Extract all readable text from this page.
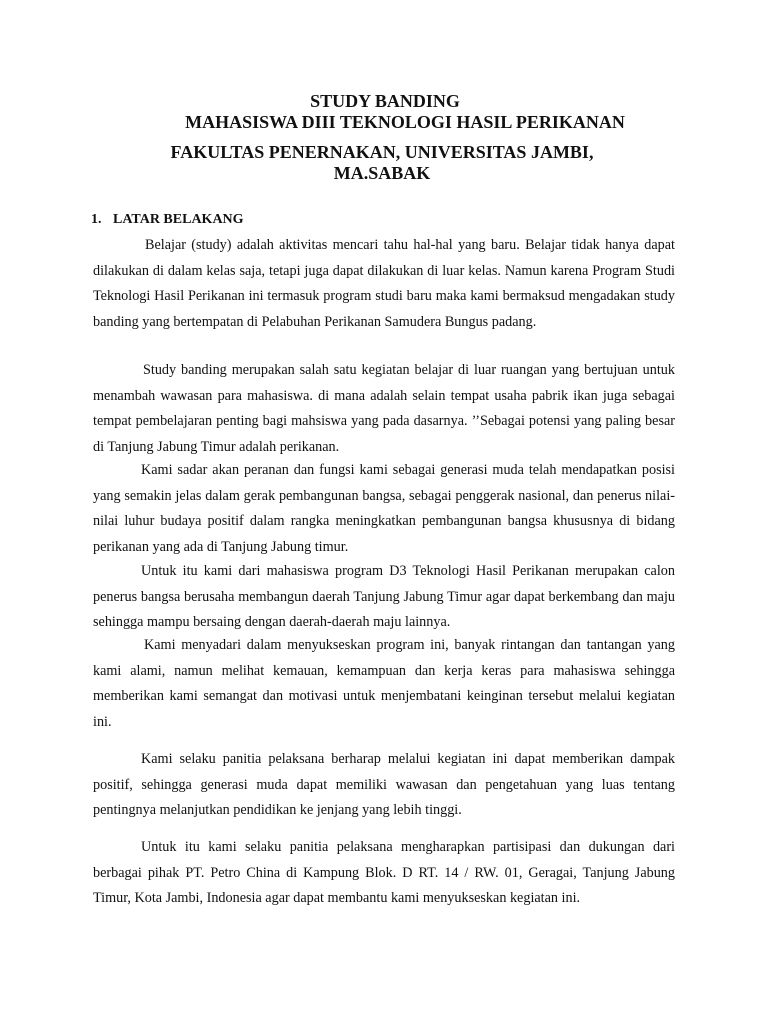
STUDY BANDING
MAHASISWA DIII TEKNOLOGI HASIL PERIKANAN
FAKULTAS PENERNAKAN, UNIVERSITAS JAMBI,
MA.SABAK
1. LATAR BELAKANG

Belajar (study) adalah aktivitas mencari tahu hal-hal yang baru. Belajar tidak hanya dapat dilakukan di dalam kelas saja, tetapi juga dapat dilakukan di luar kelas. Namun karena Program Studi Teknologi Hasil Perikanan ini termasuk program studi baru maka kami bermaksud mengadakan study banding yang bertempatan di Pelabuhan Perikanan Samudera Bungus padang.

Study banding merupakan salah satu kegiatan belajar di luar ruangan yang bertujuan untuk menambah wawasan para mahasiswa. di mana adalah selain tempat usaha pabrik ikan juga sebagai tempat pembelajaran penting bagi mahsiswa yang pada dasarnya. ’’Sebagai potensi yang paling besar di Tanjung Jabung Timur adalah perikanan.

Kami sadar akan peranan dan fungsi kami sebagai generasi muda telah mendapatkan posisi yang semakin jelas dalam gerak pembangunan bangsa, sebagai penggerak nasional, dan penerus nilai-nilai luhur budaya positif dalam rangka meningkatkan pembangunan bangsa khususnya di bidang perikanan yang ada di Tanjung Jabung timur.

Untuk itu kami dari mahasiswa program D3 Teknologi Hasil Perikanan merupakan calon penerus bangsa berusaha membangun daerah Tanjung Jabung Timur agar dapat berkembang dan maju sehingga mampu bersaing dengan daerah-daerah maju lainnya.

Kami menyadari dalam menyukseskan program ini, banyak rintangan dan tantangan yang kami alami, namun melihat kemauan, kemampuan dan kerja keras para mahasiswa sehingga memberikan kami semangat dan motivasi untuk menjembatani keinginan tersebut melalui kegiatan ini.

Kami selaku panitia pelaksana berharap melalui kegiatan ini dapat memberikan dampak positif, sehingga generasi muda dapat memiliki wawasan dan pengetahuan yang luas tentang pentingnya melanjutkan pendidikan ke jenjang yang lebih tinggi.

Untuk itu kami selaku panitia pelaksana mengharapkan partisipasi dan dukungan dari berbagai pihak PT. Petro China di Kampung Blok. D RT. 14 / RW. 01, Geragai, Tanjung Jabung Timur, Kota Jambi, Indonesia agar dapat membantu kami menyukseskan kegiatan ini.
